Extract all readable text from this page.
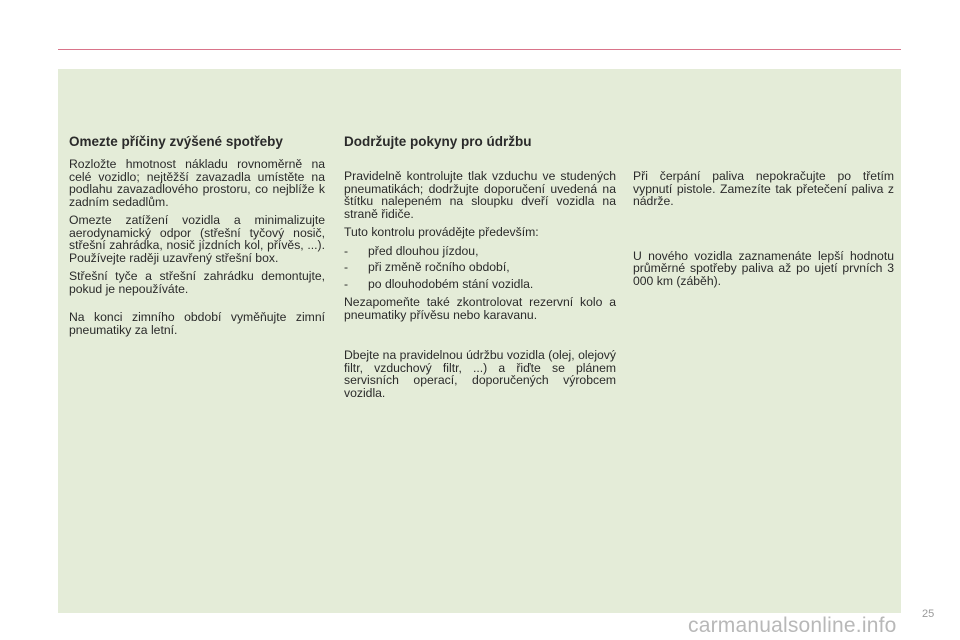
Omezte příčiny zvýšené spotřeby

Rozložte hmotnost nákladu rovnoměrně na celé vozidlo; nejtěžší zavazadla umístěte na podlahu zavazadlového prostoru, co nejblíže k zadním sedadlům.

Omezte zatížení vozidla a minimalizujte aerodynamický odpor (střešní tyčový nosič, střešní zahrádka, nosič jízdních kol, přívěs, ...). Používejte raději uzavřený střešní box.

Střešní tyče a střešní zahrádku demontujte, pokud je nepoužíváte.

Na konci zimního období vyměňujte zimní pneumatiky za letní.

Dodržujte pokyny pro údržbu

Pravidelně kontrolujte tlak vzduchu ve studených pneumatikách; dodržujte doporučení uvedená na štítku nalepeném na sloupku dveří vozidla na straně řidiče.

Tuto kontrolu provádějte především:

-	před dlouhou jízdou,
-	při změně ročního období,
-	po dlouhodobém stání vozidla.

Nezapomeňte také zkontrolovat rezervní kolo a pneumatiky přívěsu nebo karavanu.

Dbejte na pravidelnou údržbu vozidla (olej, olejový filtr, vzduchový filtr, ...) a řiďte se plánem servisních operací, doporučených výrobcem vozidla.

Při čerpání paliva nepokračujte po třetím vypnutí pistole. Zamezíte tak přetečení paliva z nádrže.

U nového vozidla zaznamenáte lepší hodnotu průměrné spotřeby paliva až po ujetí prvních 3 000 km (záběh).

25
carmanualsonline.info
